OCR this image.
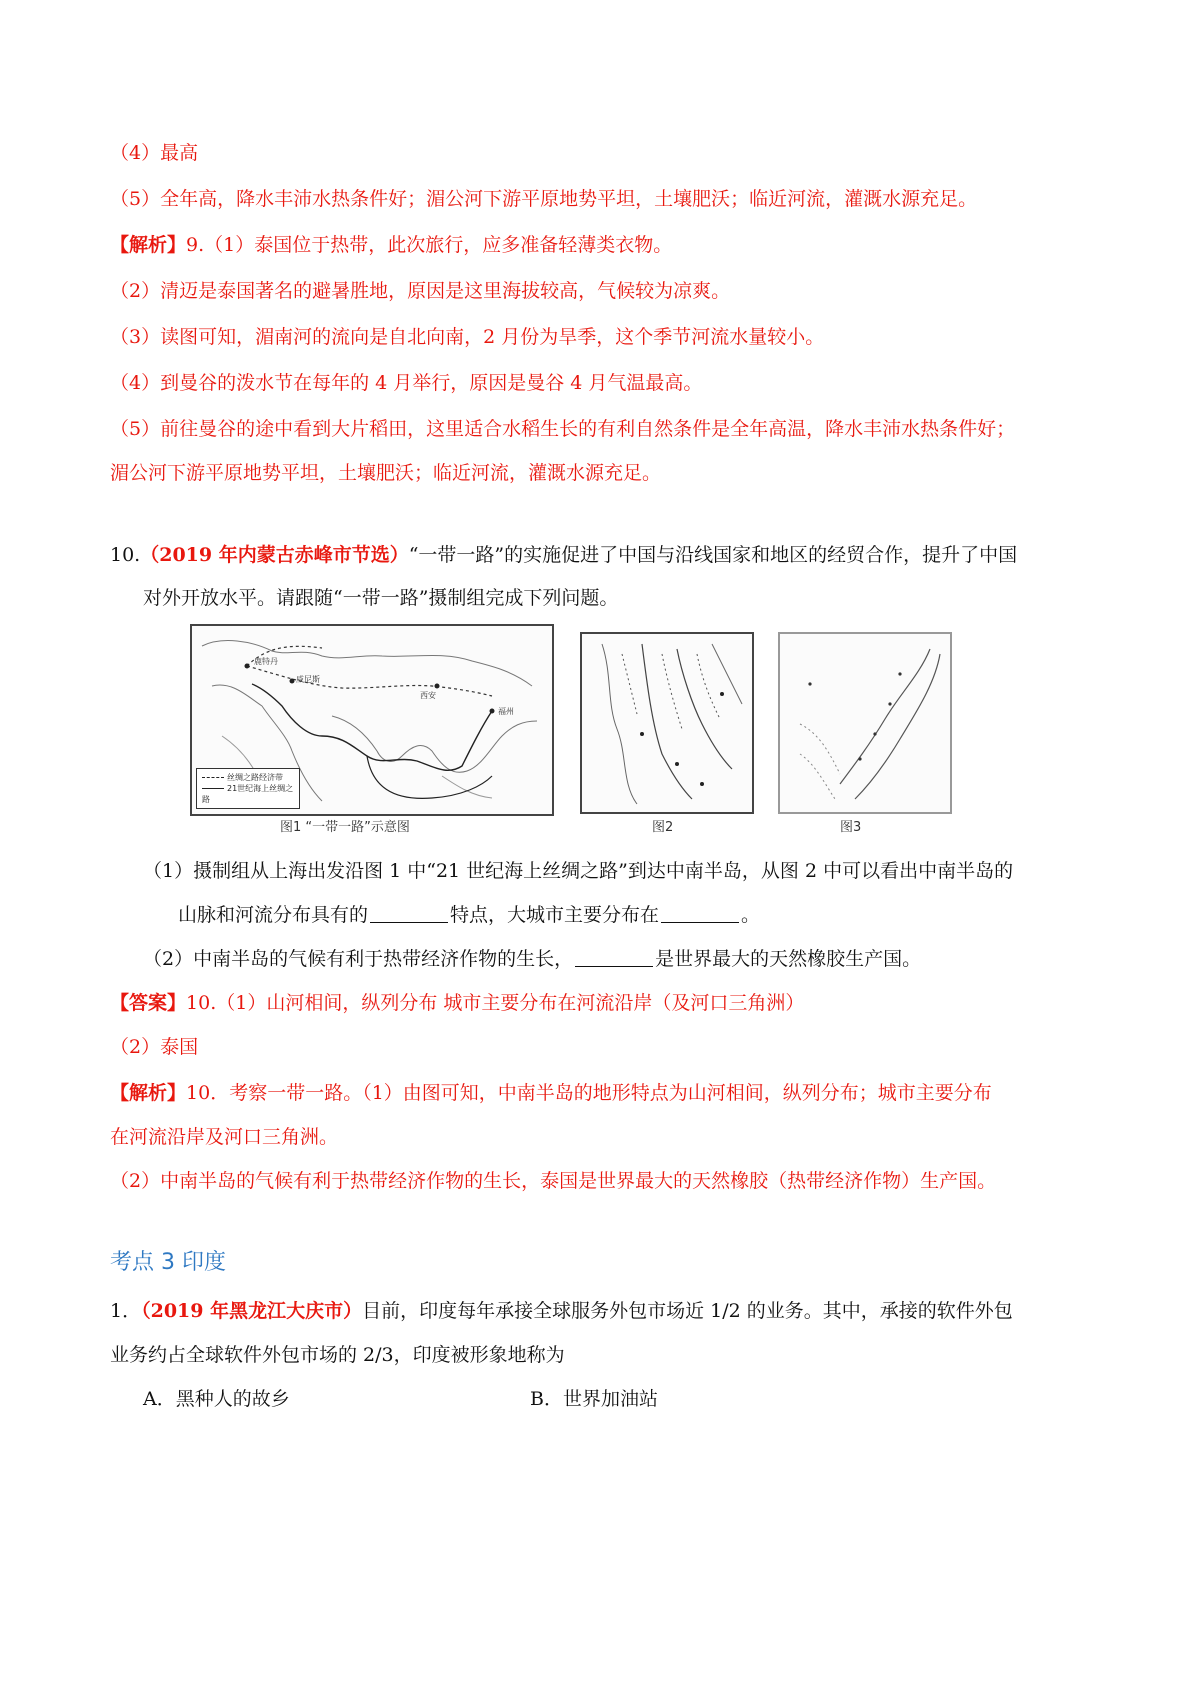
（4）最高
（5）全年高，降水丰沛水热条件好；湄公河下游平原地势平坦，土壤肥沃；临近河流，灌溉水源充足。
【解析】9.（1）泰国位于热带，此次旅行，应多准备轻薄类衣物。
（2）清迈是泰国著名的避暑胜地，原因是这里海拔较高，气候较为凉爽。
（3）读图可知，湄南河的流向是自北向南，2 月份为旱季，这个季节河流水量较小。
（4）到曼谷的泼水节在每年的 4 月举行，原因是曼谷 4 月气温最高。
（5）前往曼谷的途中看到大片稻田，这里适合水稻生长的有利自然条件是全年高温，降水丰沛水热条件好；
湄公河下游平原地势平坦，土壤肥沃；临近河流，灌溉水源充足。
10.（2019 年内蒙古赤峰市节选）“一带一路”的实施促进了中国与沿线国家和地区的经贸合作，提升了中国
对外开放水平。请跟随“一带一路”摄制组完成下列问题。
鹿特丹
威尼斯
西安
福州
丝绸之路经济带
21世纪海上丝绸之路
图1 “一带一路”示意图	图2	图3
（1）摄制组从上海出发沿图 1 中“21 世纪海上丝绸之路”到达中南半岛，从图 2 中可以看出中南半岛的
山脉和河流分布具有的	特点，大城市主要分布在	。
（2）中南半岛的气候有利于热带经济作物的生长，	是世界最大的天然橡胶生产国。
【答案】10.（1）山河相间，纵列分布 城市主要分布在河流沿岸（及河口三角洲）
（2）泰国
【解析】10．考察一带一路。（1）由图可知，中南半岛的地形特点为山河相间，纵列分布；城市主要分布
在河流沿岸及河口三角洲。
（2）中南半岛的气候有利于热带经济作物的生长，泰国是世界最大的天然橡胶（热带经济作物）生产国。
考点 3 印度
1．（2019 年黑龙江大庆市）目前，印度每年承接全球服务外包市场近 1/2 的业务。其中，承接的软件外包
业务约占全球软件外包市场的 2/3，印度被形象地称为
A．黑种人的故乡	B．世界加油站
